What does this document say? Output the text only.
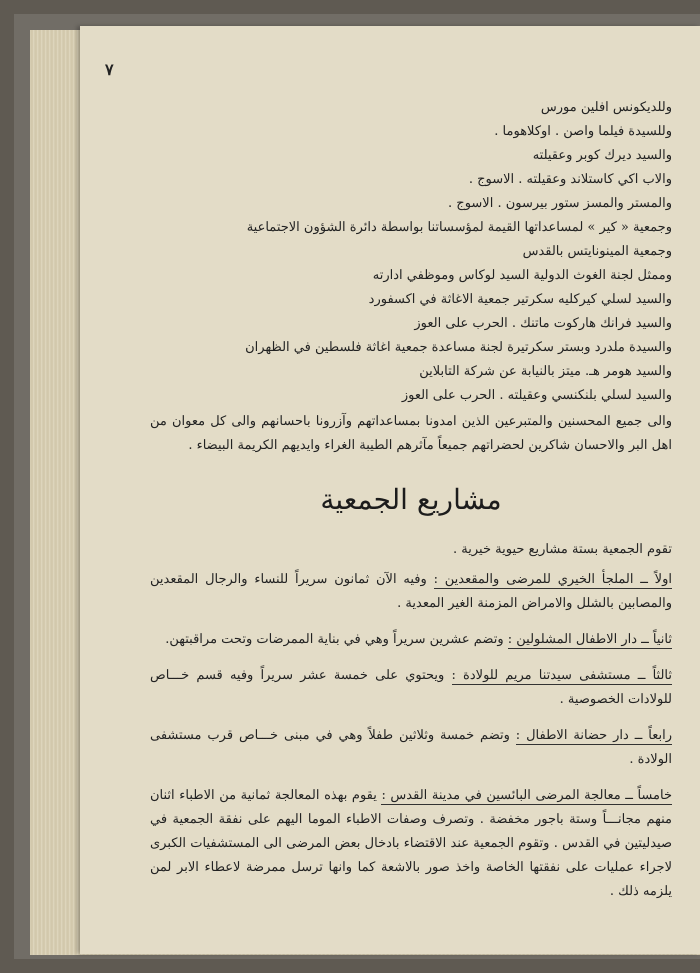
٧
وللديكونس افلين مورس
وللسيدة فيلما واصن . اوكلاهوما .
والسيد ديرك كوبر وعقيلته
والاب اكي كاستلاند وعقيلته . الاسوج .
والمستر والمسز ستور بيرسون . الاسوج .
وجمعية « كير » لمساعداتها القيمة لمؤسساتنا بواسطة دائرة الشؤون الاجتماعية
وجمعية المينونايتس بالقدس
وممثل لجنة الغوث الدولية السيد لوكاس وموظفي ادارته
والسيد لسلي كيركليه سكرتير جمعية الاغاثة في اكسفورد
والسيد فرانك هاركوت ماتنك . الحرب على العوز
والسيدة ملدرد وبستر سكرتيرة لجنة مساعدة جمعية اغاثة فلسطين في الظهران
والسيد هومر هـ. ميتز بالنيابة عن شركة التابلاين
والسيد لسلي بلنكنسي وعقيلته . الحرب على العوز
والى جميع المحسنين والمتبرعين الذين امدونا بمساعداتهم وآزرونا باحسانهم والى كل معوان من اهل البر والاحسان شاكرين لحضراتهم جميعاً مآثرهم الطيبة الغراء وايديهم الكريمة البيضاء .
مشاريع الجمعية
تقوم الجمعية بستة مشاريع حيوية خيرية .
اولاً ــ الملجأ الخيري للمرضى والمقعدين : وفيه الآن ثمانون سريراً للنساء والرجال المقعدين والمصابين بالشلل والامراض المزمنة الغير المعدية .
ثانياً ــ دار الاطفال المشلولين : وتضم عشرين سريراً وهي في بناية الممرضات وتحت مراقبتهن.
ثالثاً ــ مستشفى سيدتنا مريم للولادة : ويحتوي على خمسة عشر سريراً وفيه قسم خـــاص للولادات الخصوصية .
رابعاً ــ دار حضانة الاطفال : وتضم خمسة وثلاثين طفلاً وهي في مبنى خـــاص قرب مستشفى الولادة .
خامساً ــ معالجة المرضى البائسين في مدينة القدس : يقوم بهذه المعالجة ثمانية من الاطباء اثنان منهم مجانـــاً وستة باجور مخفضة . وتصرف وصفات الاطباء الموما اليهم على نفقة الجمعية في صيدليتين في القدس . وتقوم الجمعية عند الاقتضاء بادخال بعض المرضى الى المستشفيات الكبرى لاجراء عمليات على نفقتها الخاصة واخذ صور بالاشعة كما وانها ترسل ممرضة لاعطاء الابر لمن يلزمه ذلك .
